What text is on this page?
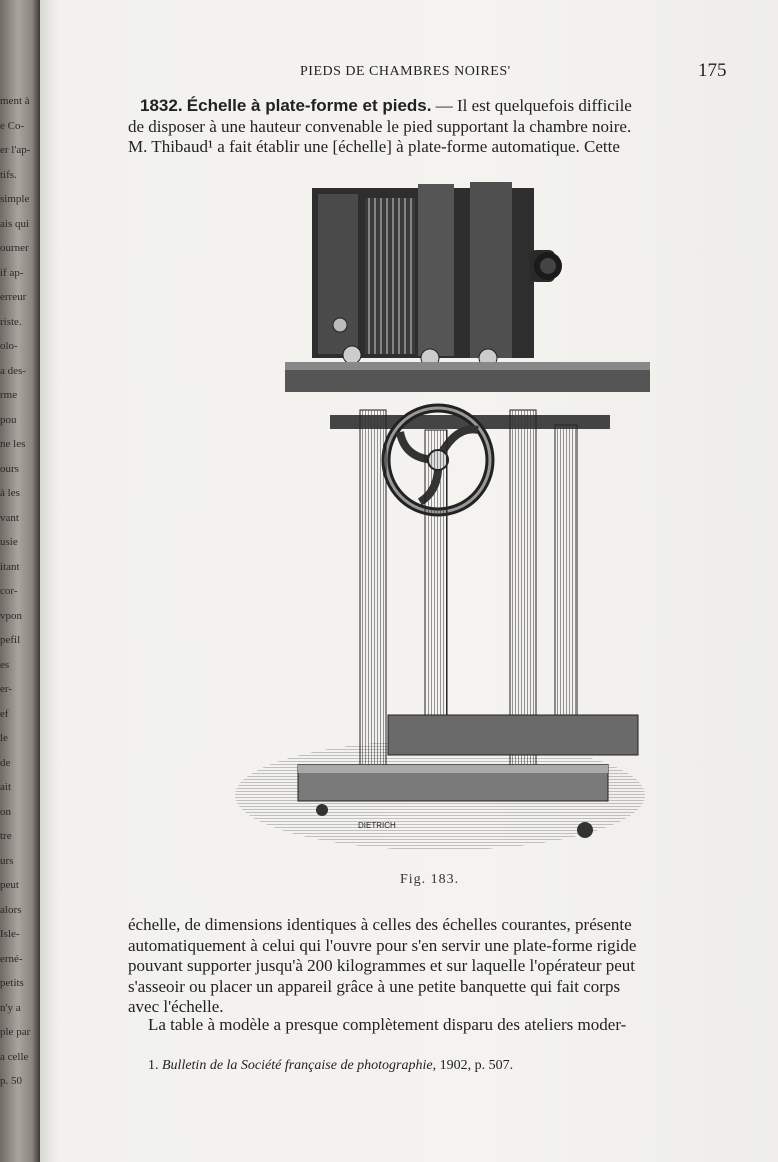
ment à
e Co-
er l'ap-
tifs.
simple
ais qui
ourner
if ap-
erreur
riste.
olo-
a des-
rme
pou
ne les
ours
à les
vant
usie
itant
cor-
vpon
pefil
es
er-
ef
le
de
ait
on
tre
urs
peut
alors
Isle-
erné-
petits
n'y a
ple par
a celle
p. 50
PIEDS DE CHAMBRES NOIRES'	175
1832. Échelle à plate-forme et pieds. — Il est quelquefois difficile
de disposer à une hauteur convenable le pied supportant la chambre noire.
M. Thibaud¹ a fait établir une [échelle] à plate-forme automatique. Cette
DIETRICH
Fig. 183.
échelle, de dimensions identiques à celles des échelles courantes, présente
automatiquement à celui qui l'ouvre pour s'en servir une plate-forme rigide
pouvant supporter jusqu'à 200 kilogrammes et sur laquelle l'opérateur peut
s'asseoir ou placer un appareil grâce à une petite banquette qui fait corps
avec l'échelle.
La table à modèle a presque complètement disparu des ateliers moder-
1. Bulletin de la Société française de photographie, 1902, p. 507.
